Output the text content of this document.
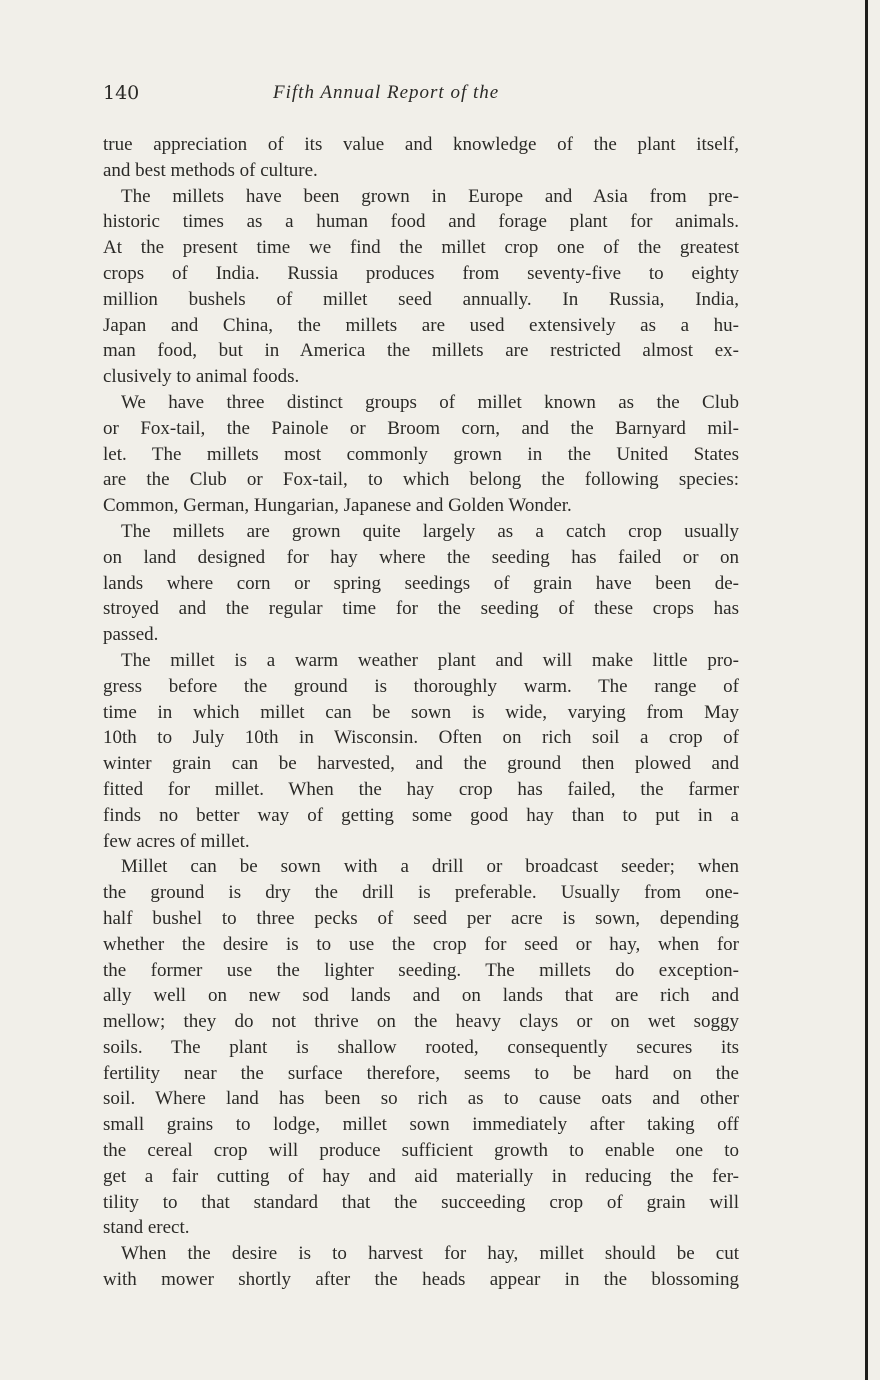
140	Fifth Annual Report of the
true appreciation of its value and knowledge of the plant itself,
and best methods of culture.
The millets have been grown in Europe and Asia from pre-
historic times as a human food and forage plant for animals.
At the present time we find the millet crop one of the greatest
crops of India. Russia produces from seventy-five to eighty
million bushels of millet seed annually. In Russia, India,
Japan and China, the millets are used extensively as a hu-
man food, but in America the millets are restricted almost ex-
clusively to animal foods.
We have three distinct groups of millet known as the Club
or Fox-tail, the Painole or Broom corn, and the Barnyard mil-
let. The millets most commonly grown in the United States
are the Club or Fox-tail, to which belong the following species:
Common, German, Hungarian, Japanese and Golden Wonder.
The millets are grown quite largely as a catch crop usually
on land designed for hay where the seeding has failed or on
lands where corn or spring seedings of grain have been de-
stroyed and the regular time for the seeding of these crops has
passed.
The millet is a warm weather plant and will make little pro-
gress before the ground is thoroughly warm. The range of
time in which millet can be sown is wide, varying from May
10th to July 10th in Wisconsin. Often on rich soil a crop of
winter grain can be harvested, and the ground then plowed and
fitted for millet. When the hay crop has failed, the farmer
finds no better way of getting some good hay than to put in a
few acres of millet.
Millet can be sown with a drill or broadcast seeder; when
the ground is dry the drill is preferable. Usually from one-
half bushel to three pecks of seed per acre is sown, depending
whether the desire is to use the crop for seed or hay, when for
the former use the lighter seeding. The millets do exception-
ally well on new sod lands and on lands that are rich and
mellow; they do not thrive on the heavy clays or on wet soggy
soils. The plant is shallow rooted, consequently secures its
fertility near the surface therefore, seems to be hard on the
soil. Where land has been so rich as to cause oats and other
small grains to lodge, millet sown immediately after taking off
the cereal crop will produce sufficient growth to enable one to
get a fair cutting of hay and aid materially in reducing the fer-
tility to that standard that the succeeding crop of grain will
stand erect.
When the desire is to harvest for hay, millet should be cut
with mower shortly after the heads appear in the blossoming
